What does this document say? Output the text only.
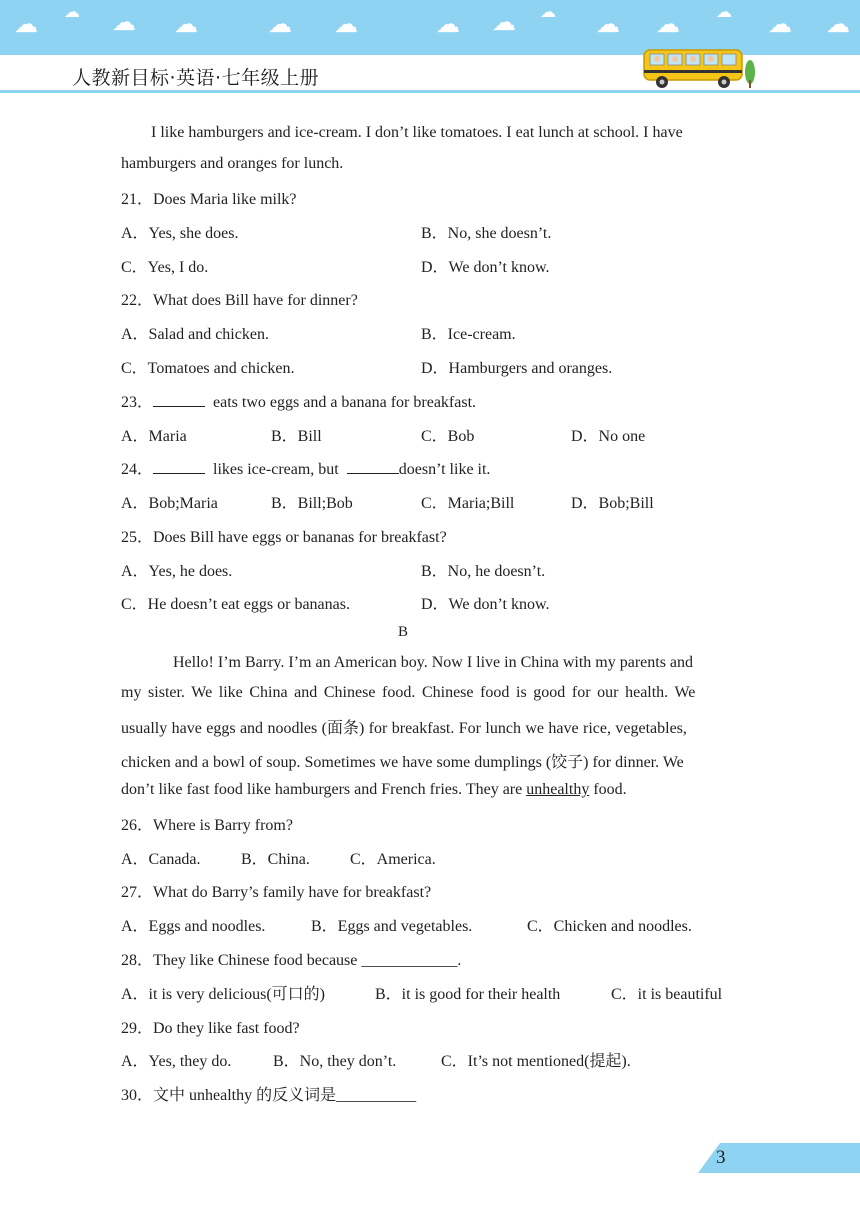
☁ ☁ ☁ ☁	☁ ☁	☁ ☁ ☁ ☁ ☁ ☁ ☁ ☁
人教新目标·英语·七年级上册
I like hamburgers and ice-cream. I don’t like tomatoes. I eat lunch at school. I have
hamburgers and oranges for lunch.
21．Does Maria like milk?
A．Yes, she does.	B．No, she doesn’t.
C．Yes, I do.	D．We don’t know.
22．What does Bill have for dinner?
A．Salad and chicken.	B．Ice-cream.
C．Tomatoes and chicken.	D．Hamburgers and oranges.
23．	eats two eggs and a banana for breakfast.
A．Maria	B．Bill	C．Bob	D．No one
24．	likes ice-cream, but	doesn’t like it.
A．Bob;Maria	B．Bill;Bob	C．Maria;Bill	D．Bob;Bill
25．Does Bill have eggs or bananas for breakfast?
A．Yes, he does.	B．No, he doesn’t.
C．He doesn’t eat eggs or bananas.	D．We don’t know.
B
Hello! I’m Barry. I’m an American boy. Now I live in China with my parents and
my sister. We like China and Chinese food. Chinese food is good for our health. We
usually have eggs and noodles (面条) for breakfast. For lunch we have rice, vegetables,
chicken and a bowl of soup. Sometimes we have some dumplings (饺子) for dinner. We
don’t like fast food like hamburgers and French fries. They are unhealthy food.
26．Where is Barry from?
A．Canada.	B．China.	C．America.
27．What do Barry’s family have for breakfast?
A．Eggs and noodles.	B．Eggs and vegetables.	C．Chicken and noodles.
28．They like Chinese food because ____________.
A．it is very delicious(可口的)	B．it is good for their health	C．it is beautiful
29．Do they like fast food?
A．Yes, they do.	B．No, they don’t.	C．It’s not mentioned(提起).
30．文中 unhealthy 的反义词是__________
3
